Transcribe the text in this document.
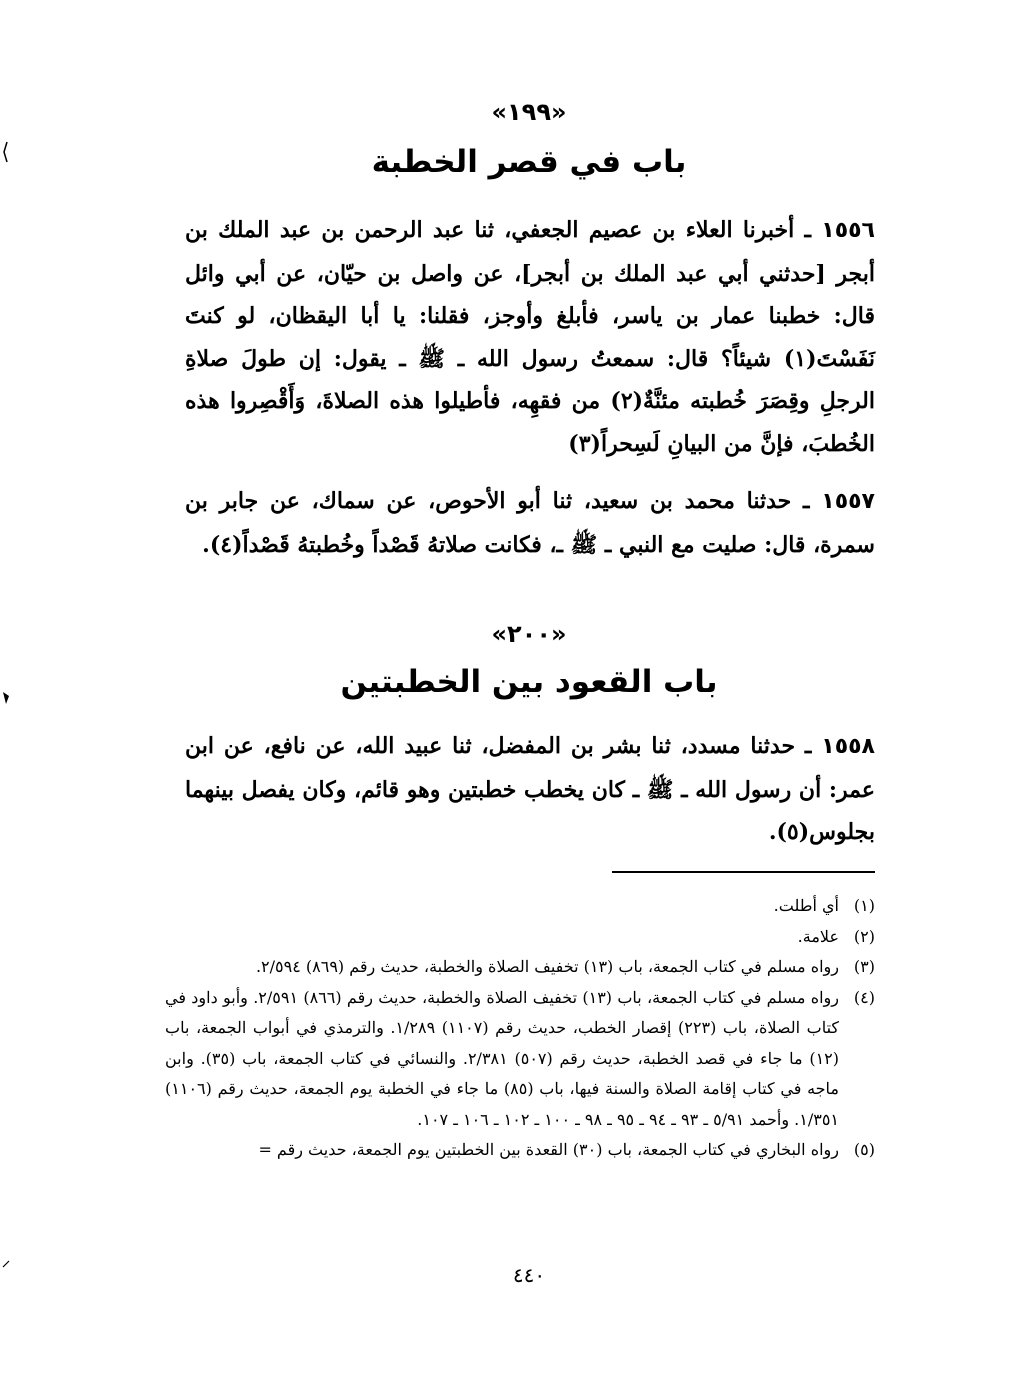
«١٩٩»
باب في قصر الخطبة
١٥٥٦ ـ أخبرنا العلاء بن عصيم الجعفي، ثنا عبد الرحمن بن عبد الملك بن أبجر [حدثني أبي عبد الملك بن أبجر]، عن واصل بن حيّان، عن أبي وائل قال: خطبنا عمار بن ياسر، فأبلغ وأوجز، فقلنا: يا أبا اليقظان، لو كنتَ نَفَسْتَ(١) شيئاً؟ قال: سمعتُ رسول الله ـ ﷺ ـ يقول: إن طولَ صلاةِ الرجلِ وقِصَرَ خُطبته مئنَّةٌ(٢) من فقهِه، فأطيلوا هذه الصلاةَ، وَأَقْصِروا هذه الخُطبَ، فإنَّ من البيانِ لَسِحراً(٣)
١٥٥٧ ـ حدثنا محمد بن سعيد، ثنا أبو الأحوص، عن سماك، عن جابر بن سمرة، قال: صليت مع النبي ـ ﷺ ـ، فكانت صلاتهُ قَصْداً وخُطبتهُ قَصْداً(٤).
«٢٠٠»
باب القعود بين الخطبتين
١٥٥٨ ـ حدثنا مسدد، ثنا بشر بن المفضل، ثنا عبيد الله، عن نافع، عن ابن عمر: أن رسول الله ـ ﷺ ـ كان يخطب خطبتين وهو قائم، وكان يفصل بينهما بجلوس(٥).
(١)
أي أطلت.
(٢)
علامة.
(٣)
رواه مسلم في كتاب الجمعة، باب (١٣) تخفيف الصلاة والخطبة، حديث رقم (٨٦٩) ٢/٥٩٤.
(٤)
رواه مسلم في كتاب الجمعة، باب (١٣) تخفيف الصلاة والخطبة، حديث رقم (٨٦٦) ٢/٥٩١. وأبو داود في كتاب الصلاة، باب (٢٢٣) إقصار الخطب، حديث رقم (١١٠٧) ١/٢٨٩. والترمذي في أبواب الجمعة، باب (١٢) ما جاء في قصد الخطبة، حديث رقم (٥٠٧) ٢/٣٨١. والنسائي في كتاب الجمعة، باب (٣٥). وابن ماجه في كتاب إقامة الصلاة والسنة فيها، باب (٨٥) ما جاء في الخطبة يوم الجمعة، حديث رقم (١١٠٦) ١/٣٥١. وأحمد ٥/٩١ ـ ٩٣ ـ ٩٤ ـ ٩٥ ـ ٩٨ ـ ١٠٠ ـ ١٠٢ ـ ١٠٦ ـ ١٠٧.
(٥)
رواه البخاري في كتاب الجمعة، باب (٣٠) القعدة بين الخطبتين يوم الجمعة، حديث رقم =
٤٤٠
